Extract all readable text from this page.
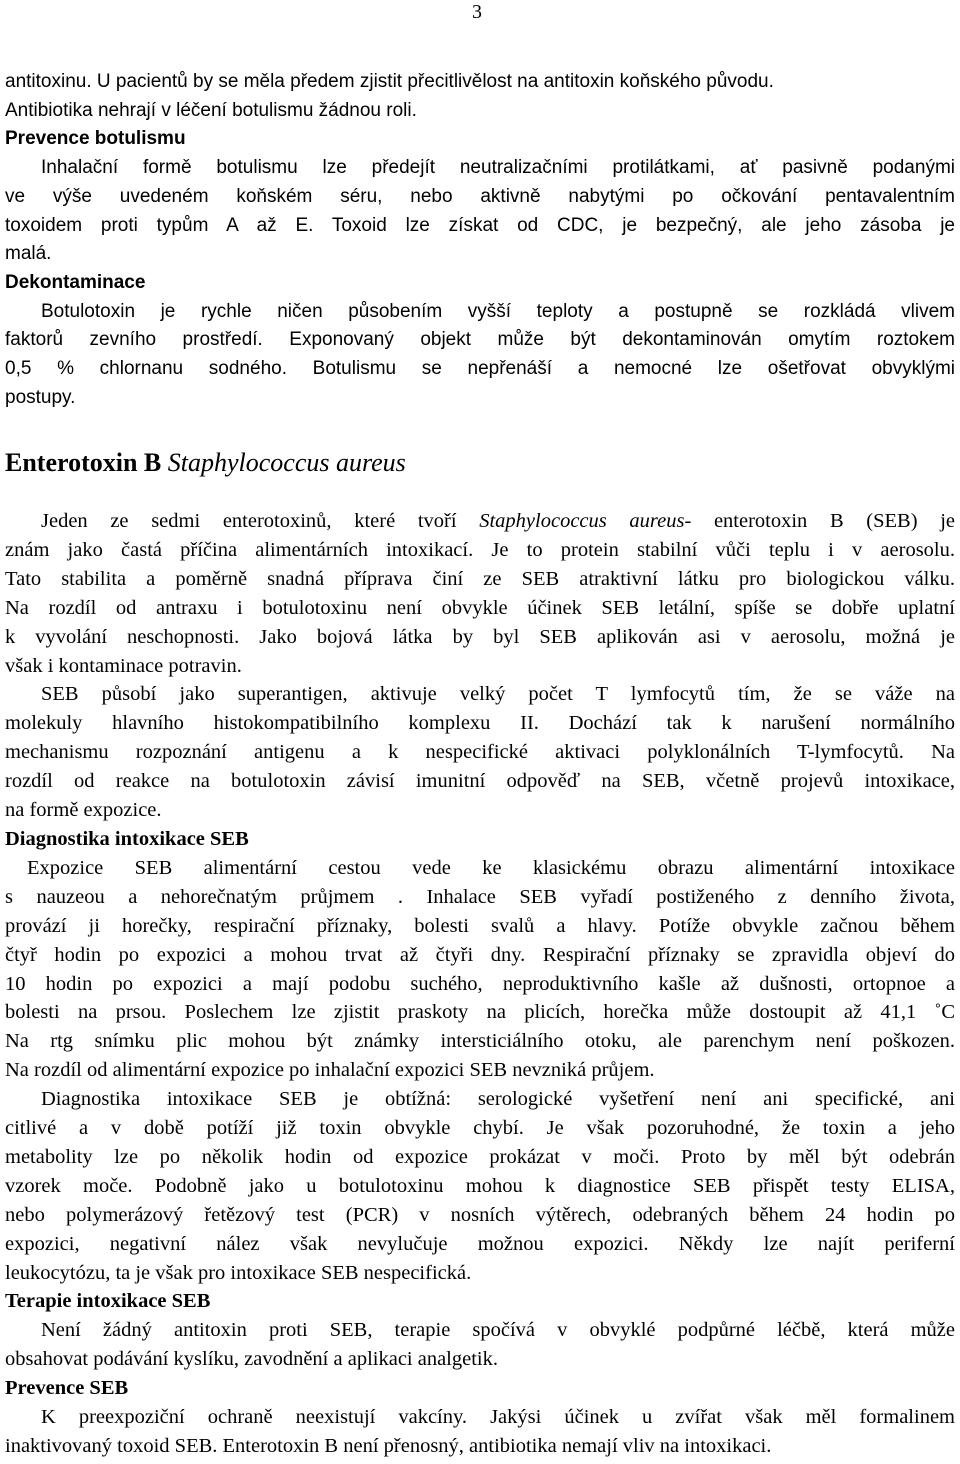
3
antitoxinu. U pacientů by se měla předem zjistit přecitlivělost na antitoxin koňského původu.
Antibiotika nehrají v léčení botulismu žádnou roli.
Prevence botulismu
Inhalační formě botulismu lze předejít neutralizačními protilátkami, ať pasivně podanými
ve výše uvedeném koňském séru, nebo aktivně nabytými po očkování pentavalentním
toxoidem proti typům A až E. Toxoid lze získat od CDC, je bezpečný, ale jeho zásoba je
malá.
Dekontaminace
Botulotoxin je rychle ničen působením vyšší teploty a postupně se rozkládá vlivem
faktorů zevního prostředí. Exponovaný objekt může být dekontaminován omytím roztokem
0,5 % chlornanu sodného. Botulismu se nepřenáší a nemocné lze ošetřovat obvyklými
postupy.
Enterotoxin B Staphylococcus aureus
Jeden ze sedmi enterotoxinů, které tvoří Staphylococcus aureus- enterotoxin B (SEB) je
znám jako častá příčina alimentárních intoxikací. Je to protein stabilní vůči teplu i v aerosolu.
Tato stabilita a poměrně snadná příprava činí ze SEB atraktivní látku pro biologickou válku.
Na rozdíl od antraxu i botulotoxinu není obvykle účinek SEB letální, spíše se dobře uplatní
k vyvolání neschopnosti. Jako bojová látka by byl SEB aplikován asi v aerosolu, možná je
však i kontaminace potravin.
SEB působí jako superantigen, aktivuje velký počet T lymfocytů tím, že se váže na
molekuly hlavního histokompatibilního komplexu II. Dochází tak k narušení normálního
mechanismu rozpoznání antigenu a k nespecifické aktivaci polyklonálních T-lymfocytů. Na
rozdíl od reakce na botulotoxin závisí imunitní odpověď na SEB, včetně projevů intoxikace,
na formě expozice.
Diagnostika intoxikace SEB
Expozice SEB alimentární cestou vede ke klasickému obrazu alimentární intoxikace
s nauzeou a nehorečnatým průjmem . Inhalace SEB vyřadí postiženého z denního života,
provází ji horečky, respirační příznaky, bolesti svalů a hlavy. Potíže obvykle začnou během
čtyř hodin po expozici a mohou trvat až čtyři dny. Respirační příznaky se zpravidla objeví do
10 hodin po expozici a mají podobu suchého, neproduktivního kašle až dušnosti, ortopnoe a
bolesti na prsou. Poslechem lze zjistit praskoty na plicích, horečka může dostoupit až 41,1 ˚C
Na rtg snímku plic mohou být známky intersticiálního otoku, ale parenchym není poškozen.
Na rozdíl od alimentární expozice po inhalační expozici SEB nevzniká průjem.
Diagnostika intoxikace SEB je obtížná: serologické vyšetření není ani specifické, ani
citlivé a v době potíží již toxin obvykle chybí. Je však pozoruhodné, že toxin a jeho
metabolity lze po několik hodin od expozice prokázat v moči. Proto by měl být odebrán
vzorek moče. Podobně jako u botulotoxinu mohou k diagnostice SEB přispět testy ELISA,
nebo polymerázový řetězový test (PCR) v nosních výtěrech, odebraných během 24 hodin po
expozici, negativní nález však nevylučuje možnou expozici. Někdy lze najít periferní
leukocytózu, ta je však pro intoxikace SEB nespecifická.
Terapie intoxikace SEB
Není žádný antitoxin proti SEB, terapie spočívá v obvyklé podpůrné léčbě, která může
obsahovat podávání kyslíku, zavodnění a aplikaci analgetik.
Prevence SEB
K preexpoziční ochraně neexistují vakcíny. Jakýsi účinek u zvířat však měl formalinem
inaktivovaný toxoid SEB. Enterotoxin B není přenosný, antibiotika nemají vliv na intoxikaci.
